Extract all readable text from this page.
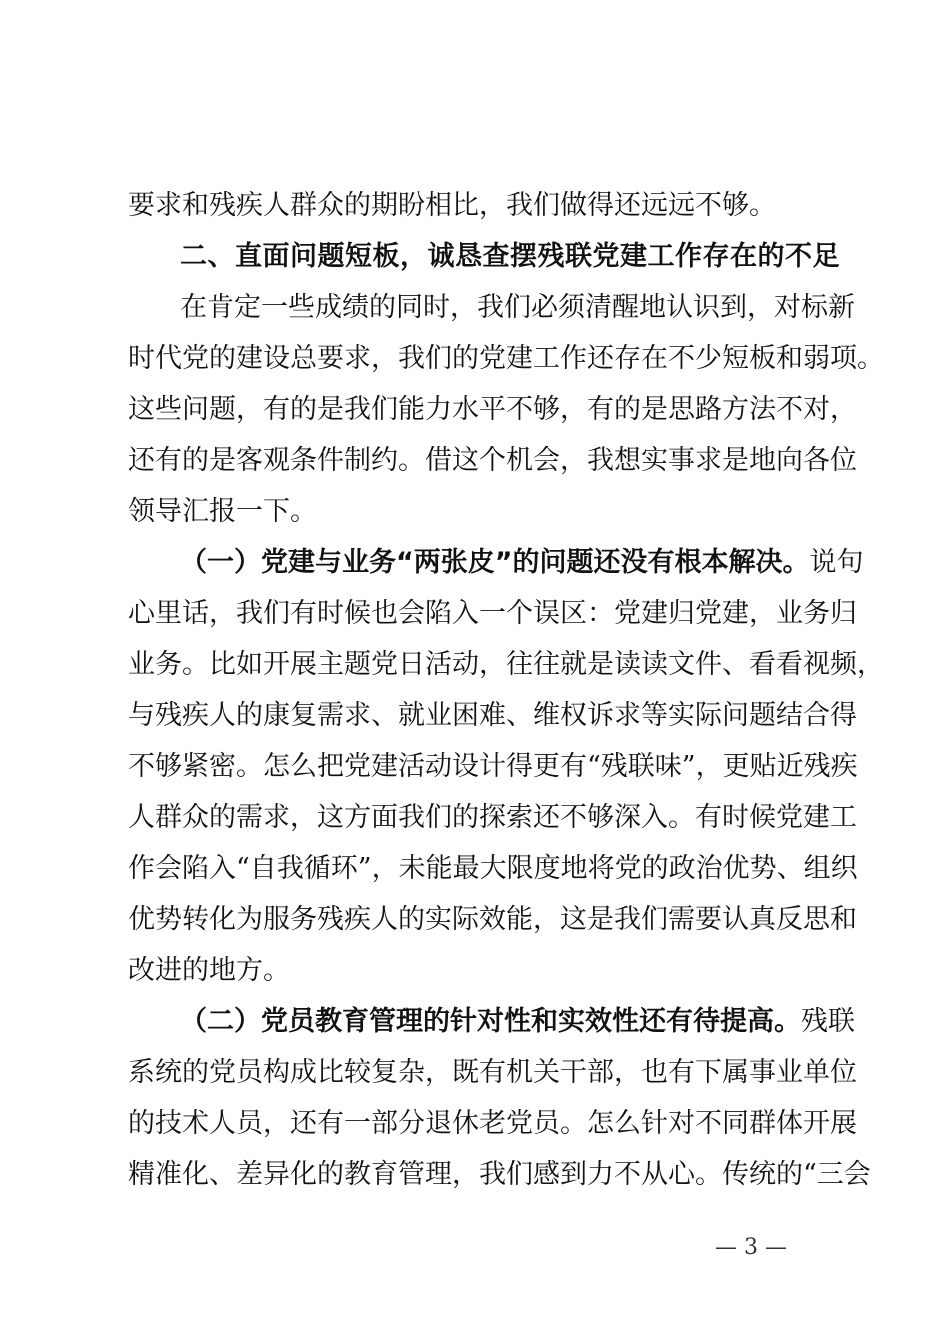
要求和残疾人群众的期盼相比，我们做得还远远不够。

二、直面问题短板，诚恳查摆残联党建工作存在的不足

在肯定一些成绩的同时，我们必须清醒地认识到，对标新

时代党的建设总要求，我们的党建工作还存在不少短板和弱项。

这些问题，有的是我们能力水平不够，有的是思路方法不对，

还有的是客观条件制约。借这个机会，我想实事求是地向各位

领导汇报一下。

（一）党建与业务“两张皮”的问题还没有根本解决。说句

心里话，我们有时候也会陷入一个误区：党建归党建，业务归

业务。比如开展主题党日活动，往往就是读读文件、看看视频，

与残疾人的康复需求、就业困难、维权诉求等实际问题结合得

不够紧密。怎么把党建活动设计得更有“残联味”，更贴近残疾

人群众的需求，这方面我们的探索还不够深入。有时候党建工

作会陷入“自我循环”，未能最大限度地将党的政治优势、组织

优势转化为服务残疾人的实际效能，这是我们需要认真反思和

改进的地方。

（二）党员教育管理的针对性和实效性还有待提高。残联

系统的党员构成比较复杂，既有机关干部，也有下属事业单位

的技术人员，还有一部分退休老党员。怎么针对不同群体开展

精准化、差异化的教育管理，我们感到力不从心。传统的“三会

— 3 —
